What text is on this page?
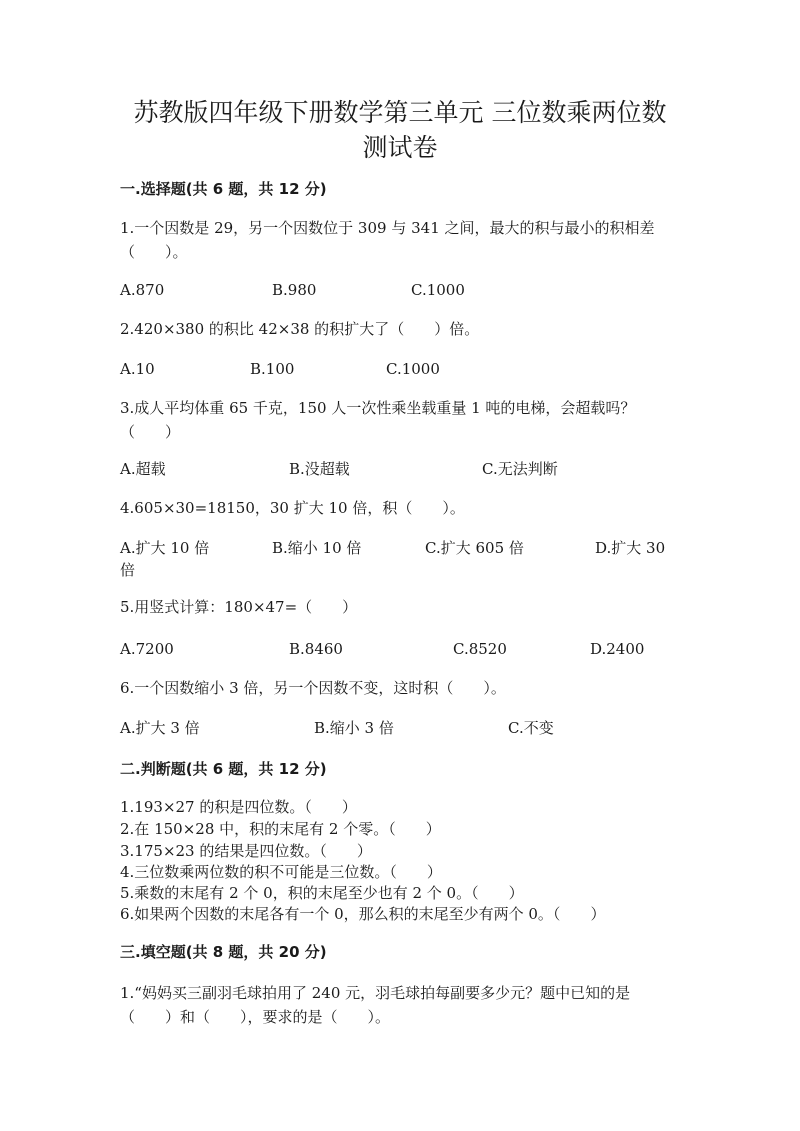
苏教版四年级下册数学第三单元 三位数乘两位数
测试卷
一.选择题(共 6 题，共 12 分)
1.一个因数是 29，另一个因数位于 309 与 341 之间，最大的积与最小的积相差（　　）。
A.870	B.980	C.1000
2.420×380 的积比 42×38 的积扩大了（　　）倍。
A.10	B.100	C.1000
3.成人平均体重 65 千克，150 人一次性乘坐载重量 1 吨的电梯，会超载吗？（　　）
A.超载	B.没超载	C.无法判断
4.605×30=18150，30 扩大 10 倍，积（　　）。
A.扩大 10 倍	B.缩小 10 倍	C.扩大 605 倍	D.扩大 30
倍
5.用竖式计算：180×47=（　　）
A.7200	B.8460	C.8520	D.2400
6.一个因数缩小 3 倍，另一个因数不变，这时积（　　）。
A.扩大 3 倍	B.缩小 3 倍	C.不变
二.判断题(共 6 题，共 12 分)
1.193×27 的积是四位数。（　　）
2.在 150×28 中，积的末尾有 2 个零。（　　）
3.175×23 的结果是四位数。（　　）
4.三位数乘两位数的积不可能是三位数。（　　）
5.乘数的末尾有 2 个 0，积的末尾至少也有 2 个 0。（　　）
6.如果两个因数的末尾各有一个 0，那么积的末尾至少有两个 0。（　　）
三.填空题(共 8 题，共 20 分)
1.“妈妈买三副羽毛球拍用了 240 元，羽毛球拍每副要多少元？题中已知的是（　　）和（　　），要求的是（　　）。
